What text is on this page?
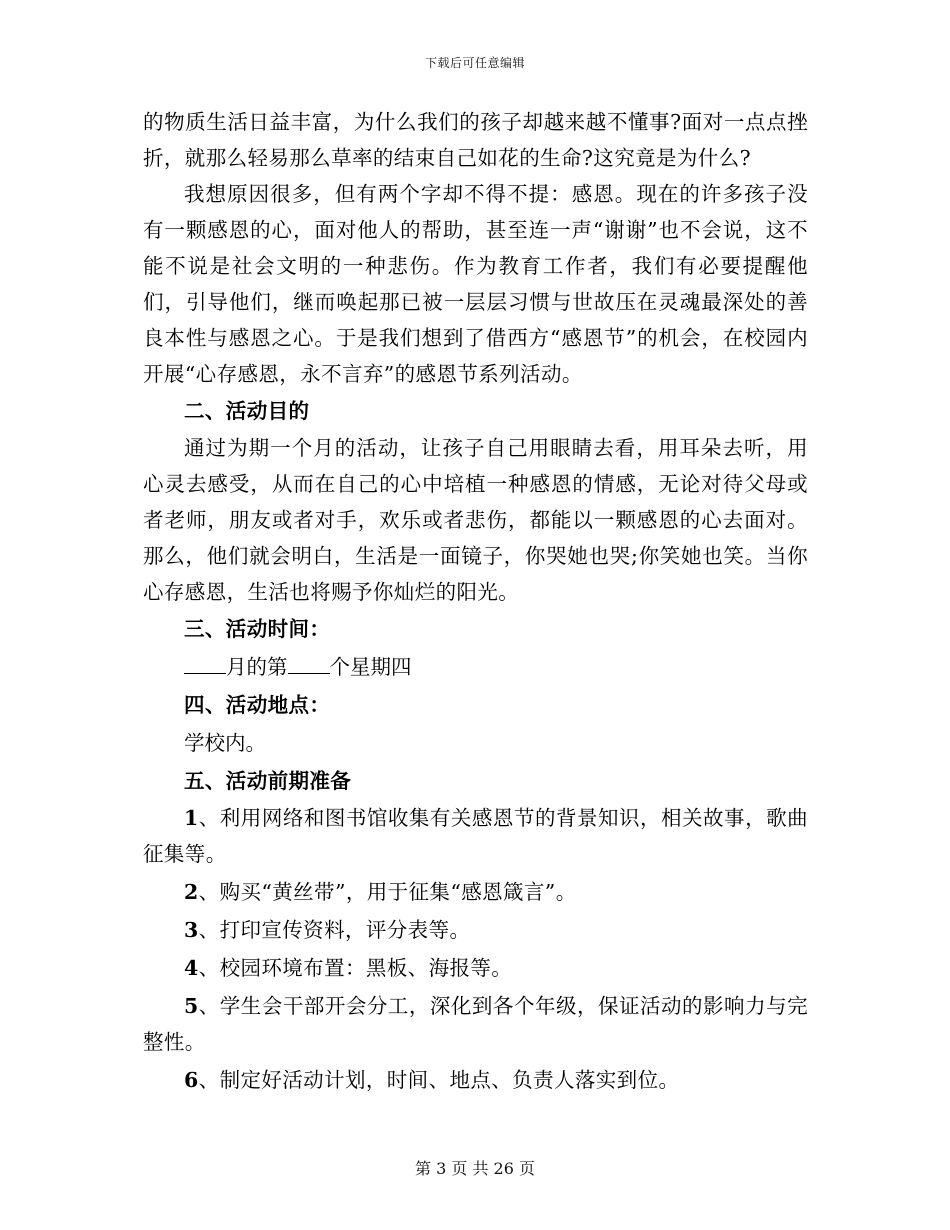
下载后可任意编辑

的物质生活日益丰富，为什么我们的孩子却越来越不懂事?面对一点点挫折，就那么轻易那么草率的结束自己如花的生命?这究竟是为什么?

我想原因很多，但有两个字却不得不提：感恩。现在的许多孩子没有一颗感恩的心，面对他人的帮助，甚至连一声“谢谢”也不会说，这不能不说是社会文明的一种悲伤。作为教育工作者，我们有必要提醒他们，引导他们，继而唤起那已被一层层习惯与世故压在灵魂最深处的善良本性与感恩之心。于是我们想到了借西方“感恩节”的机会，在校园内开展“心存感恩，永不言弃”的感恩节系列活动。

二、活动目的

通过为期一个月的活动，让孩子自己用眼睛去看，用耳朵去听，用心灵去感受，从而在自己的心中培植一种感恩的情感，无论对待父母或者老师，朋友或者对手，欢乐或者悲伤，都能以一颗感恩的心去面对。那么，他们就会明白，生活是一面镜子，你哭她也哭;你笑她也笑。当你心存感恩，生活也将赐予你灿烂的阳光。

三、活动时间：

月的第 个星期四

四、活动地点：

学校内。

五、活动前期准备

1、利用网络和图书馆收集有关感恩节的背景知识，相关故事，歌曲征集等。

2、购买“黄丝带”，用于征集“感恩箴言”。

3、打印宣传资料，评分表等。

4、校园环境布置：黑板、海报等。

5、学生会干部开会分工，深化到各个年级，保证活动的影响力与完整性。

6、制定好活动计划，时间、地点、负责人落实到位。

第 3 页 共 26 页
